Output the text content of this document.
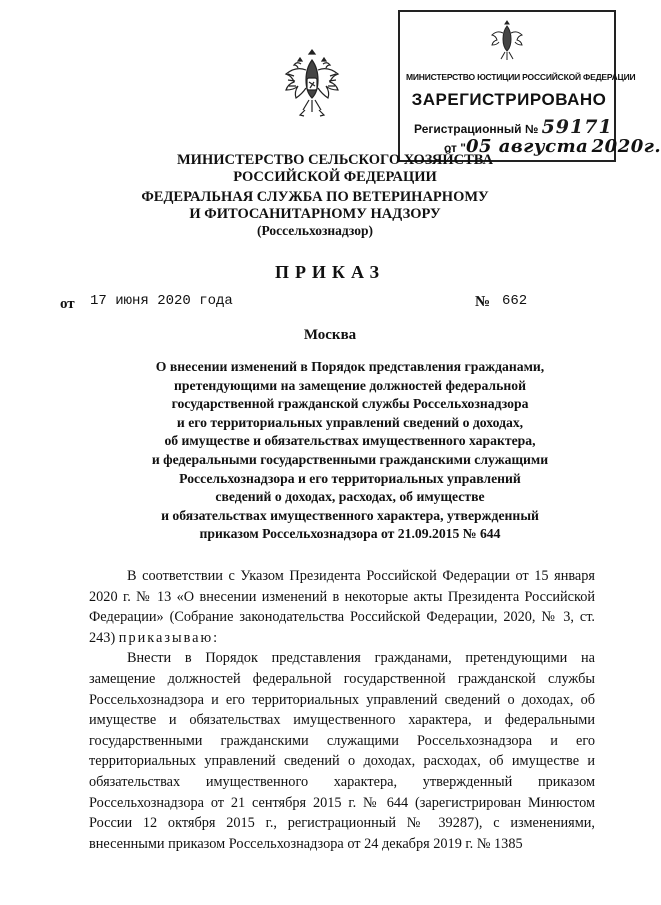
МИНИСТЕРСТВО ЮСТИЦИИ РОССИЙСКОЙ ФЕДЕРАЦИИ
ЗАРЕГИСТРИРОВАНО
Регистрационный № 59171
от "05 августа 2020г.
МИНИСТЕРСТВО СЕЛЬСКОГО ХОЗЯЙСТВА
РОССИЙСКОЙ ФЕДЕРАЦИИ
ФЕДЕРАЛЬНАЯ СЛУЖБА ПО ВЕТЕРИНАРНОМУ
И ФИТОСАНИТАРНОМУ НАДЗОРУ
(Россельхознадзор)
ПРИКАЗ
от 17 июня 2020 года	№ 662
Москва
О внесении изменений в Порядок представления гражданами,
претендующими на замещение должностей федеральной
государственной гражданской службы Россельхознадзора
и его территориальных управлений сведений о доходах,
об имуществе и обязательствах имущественного характера,
и федеральными государственными гражданскими служащими
Россельхознадзора и его территориальных управлений
сведений о доходах, расходах, об имуществе
и обязательствах имущественного характера, утвержденный
приказом Россельхознадзора от 21.09.2015 № 644

В соответствии с Указом Президента Российской Федерации от 15 января 2020 г. № 13 «О внесении изменений в некоторые акты Президента Российской Федерации» (Собрание законодательства Российской Федерации, 2020, № 3, ст. 243) приказываю:

Внести в Порядок представления гражданами, претендующими на замещение должностей федеральной государственной гражданской службы Россельхознадзора и его территориальных управлений сведений о доходах, об имуществе и обязательствах имущественного характера, и федеральными государственными гражданскими служащими Россельхознадзора и его территориальных управлений сведений о доходах, расходах, об имуществе и обязательствах имущественного характера, утвержденный приказом Россельхознадзора от 21 сентября 2015 г. № 644 (зарегистрирован Минюстом России 12 октября 2015 г., регистрационный № 39287), с изменениями, внесенными приказом Россельхознадзора от 24 декабря 2019 г. № 1385
